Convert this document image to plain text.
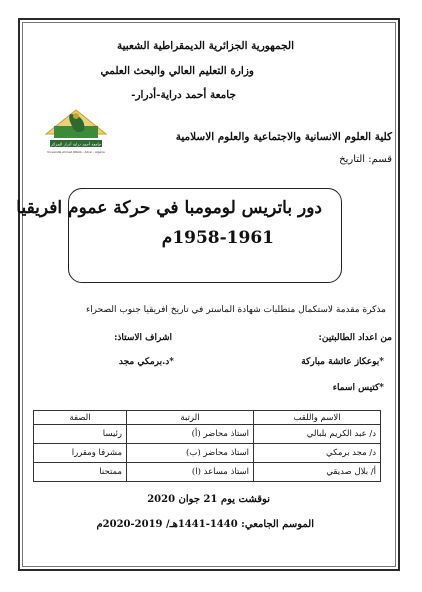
الجمهورية الجزائرية الديمقراطية الشعبية
وزارة التعليم العالي والبحث العلمي
جامعة أحمد دراية-أدرار-
جامعة أحمد دراية أدرار الجزائر
Université Ahmed DRAIA - Adrar - Algérie
كلية العلوم الانسانية والاجتماعية والعلوم الاسلامية
قسم: التاريخ
دور باتريس لومومبا في حركة عموم افريقيا
1958-1961م
مذكرة مقدمة لاستكمال متطلبات شهادة الماستر في تاريخ افريقيا جنوب الصحراء
من اعداد الطالبتين:
اشراف الاستاذ:
*بوعكاز عائشة مباركة
*د.برمكي مجد
*كتيس اسماء
الاسم واللقب	الرتبة	الصفة
د/ عبد الكريم بلبالي	استاذ محاضر (أ)	رئيسا
د/ مجد برمكي	استاذ محاضر (ب)	مشرفا ومقررا
أ/ بلال صديقي	استاذ مساعد (ا)	ممتحنا
نوقشت يوم 21 جوان 2020
الموسم الجامعي: 1440-1441هـ/ 2019-2020م
